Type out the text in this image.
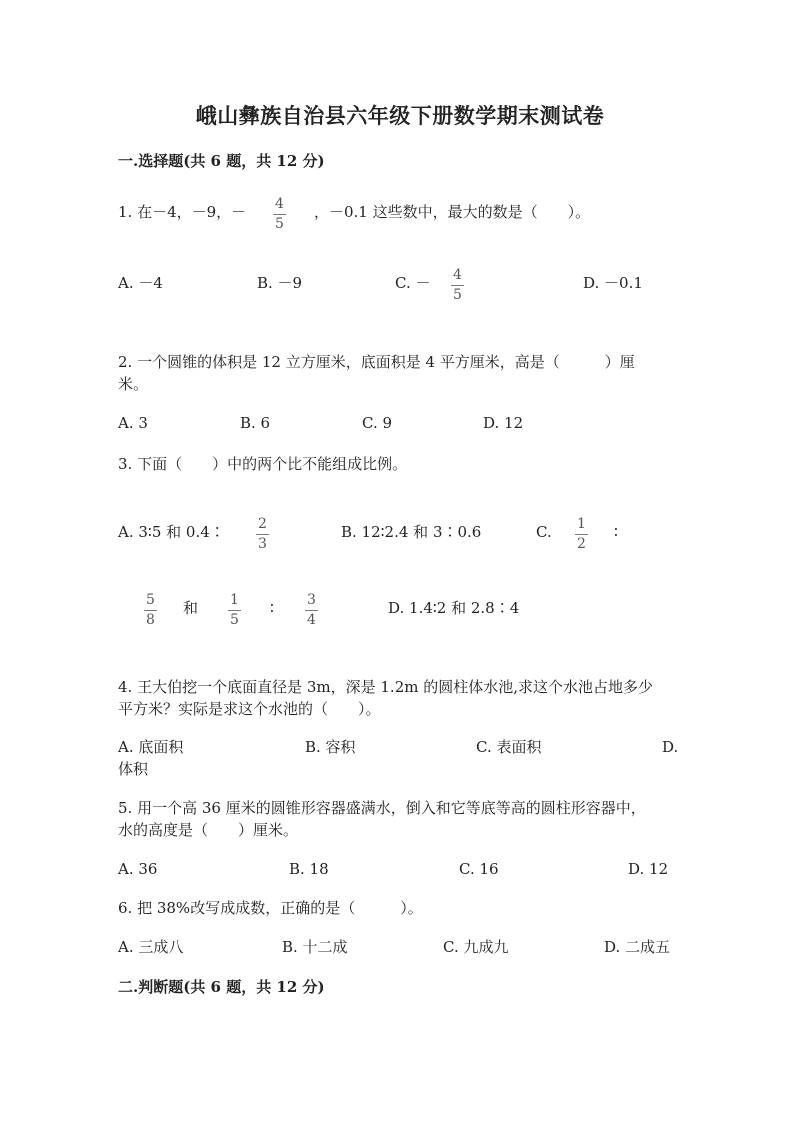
峨山彝族自治县六年级下册数学期末测试卷
一.选择题(共 6 题，共 12 分)
1. 在－4，－9，－ 4
5
，－0.1 这些数中，最大的数是（　　）。
A. －4	B. －9	C. － 4
5
D. －0.1
2. 一个圆锥的体积是 12 立方厘米，底面积是 4 平方厘米，高是（　　　）厘
米。
A. 3	B. 6	C. 9	D. 12
3. 下面（　　）中的两个比不能组成比例。
A. 3∶5 和 0.4∶ 2
3
B. 12∶2.4 和 3∶0.6	C. 1
2
∶
5
8
和 1
5
∶ 3
4
D. 1.4∶2 和 2.8∶4
4. 王大伯挖一个底面直径是 3m，深是 1.2m 的圆柱体水池,求这个水池占地多少
平方米？实际是求这个水池的（　　）。
A. 底面积	B. 容积	C. 表面积	D.
体积
5. 用一个高 36 厘米的圆锥形容器盛满水，倒入和它等底等高的圆柱形容器中，
水的高度是（　　）厘米。
A. 36	B. 18	C. 16	D. 12
6. 把 38%改写成成数，正确的是（　　　）。
A. 三成八	B. 十二成	C. 九成九	D. 二成五
二.判断题(共 6 题，共 12 分)
